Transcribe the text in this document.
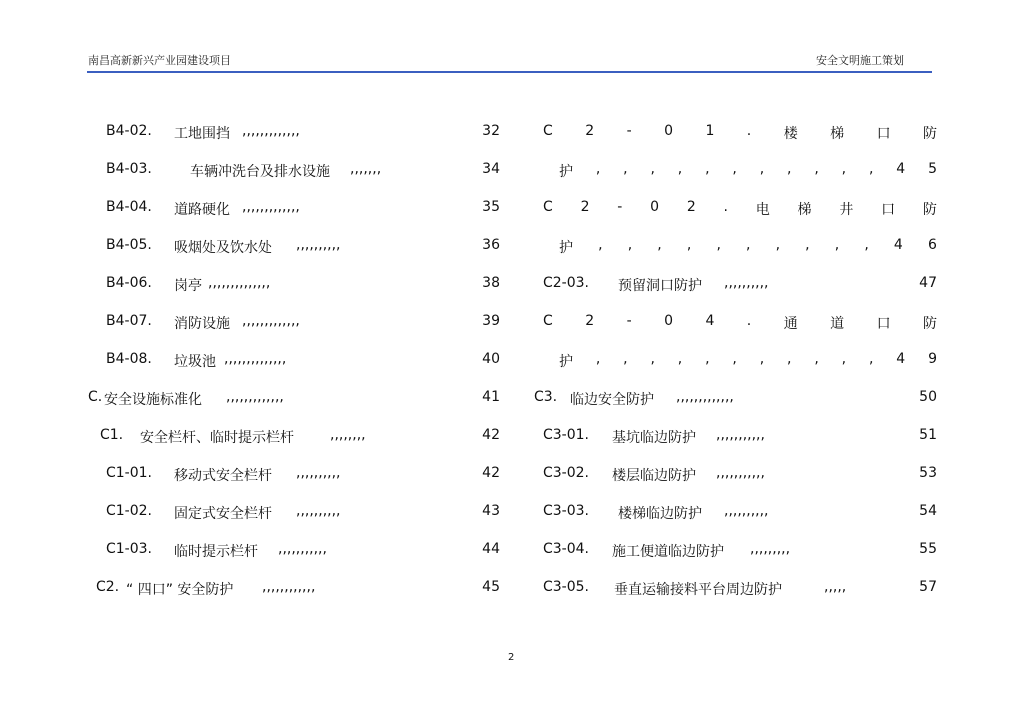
南昌高新新兴产业园建设项目	安全文明施工策划
B4-02. 工地围挡 ,,,,,,,,,,,,,	32
B4-03.	车辆冲洗台及排水设施 ,,,,,,,	34
B4-04. 道路硬化 ,,,,,,,,,,,,,	35
B4-05. 吸烟处及饮水处 ,,,,,,,,,,	36
B4-06. 岗亭 ,,,,,,,,,,,,,,	38
B4-07. 消防设施 ,,,,,,,,,,,,,	39
B4-08. 垃圾池 ,,,,,,,,,,,,,,	40
C. 安全设施标准化 ,,,,,,,,,,,,,	41
C1. 安全栏杆、临时提示栏杆	,,,,,,,,	42
C1-01. 移动式安全栏杆 ,,,,,,,,,,	42
C1-02. 固定式安全栏杆 ,,,,,,,,,,	43
C1-03. 临时提示栏杆 ,,,,,,,,,,,	44
C2. “ 四口” 安全防护 ,,,,,,,,,,,,	45
C 2 - 0 1 . 楼 梯 口 防
护 , , , , , , , , , , , 4 5
C 2 - 0 2 . 电 梯 井 口 防
护 , , , , , , , , , , 4 6
C2-03. 预留洞口防护 ,,,,,,,,,,	47
C 2 - 0 4 . 通 道 口 防
护 , , , , , , , , , , , 4 9
C3. 临边安全防护 ,,,,,,,,,,,,,	50
C3-01. 基坑临边防护 ,,,,,,,,,,,	51
C3-02. 楼层临边防护 ,,,,,,,,,,,	53
C3-03. 楼梯临边防护 ,,,,,,,,,,	54
C3-04. 施工便道临边防护 ,,,,,,,,,	55
C3-05. 垂直运输接料平台周边防护	,,,,,	57
2
